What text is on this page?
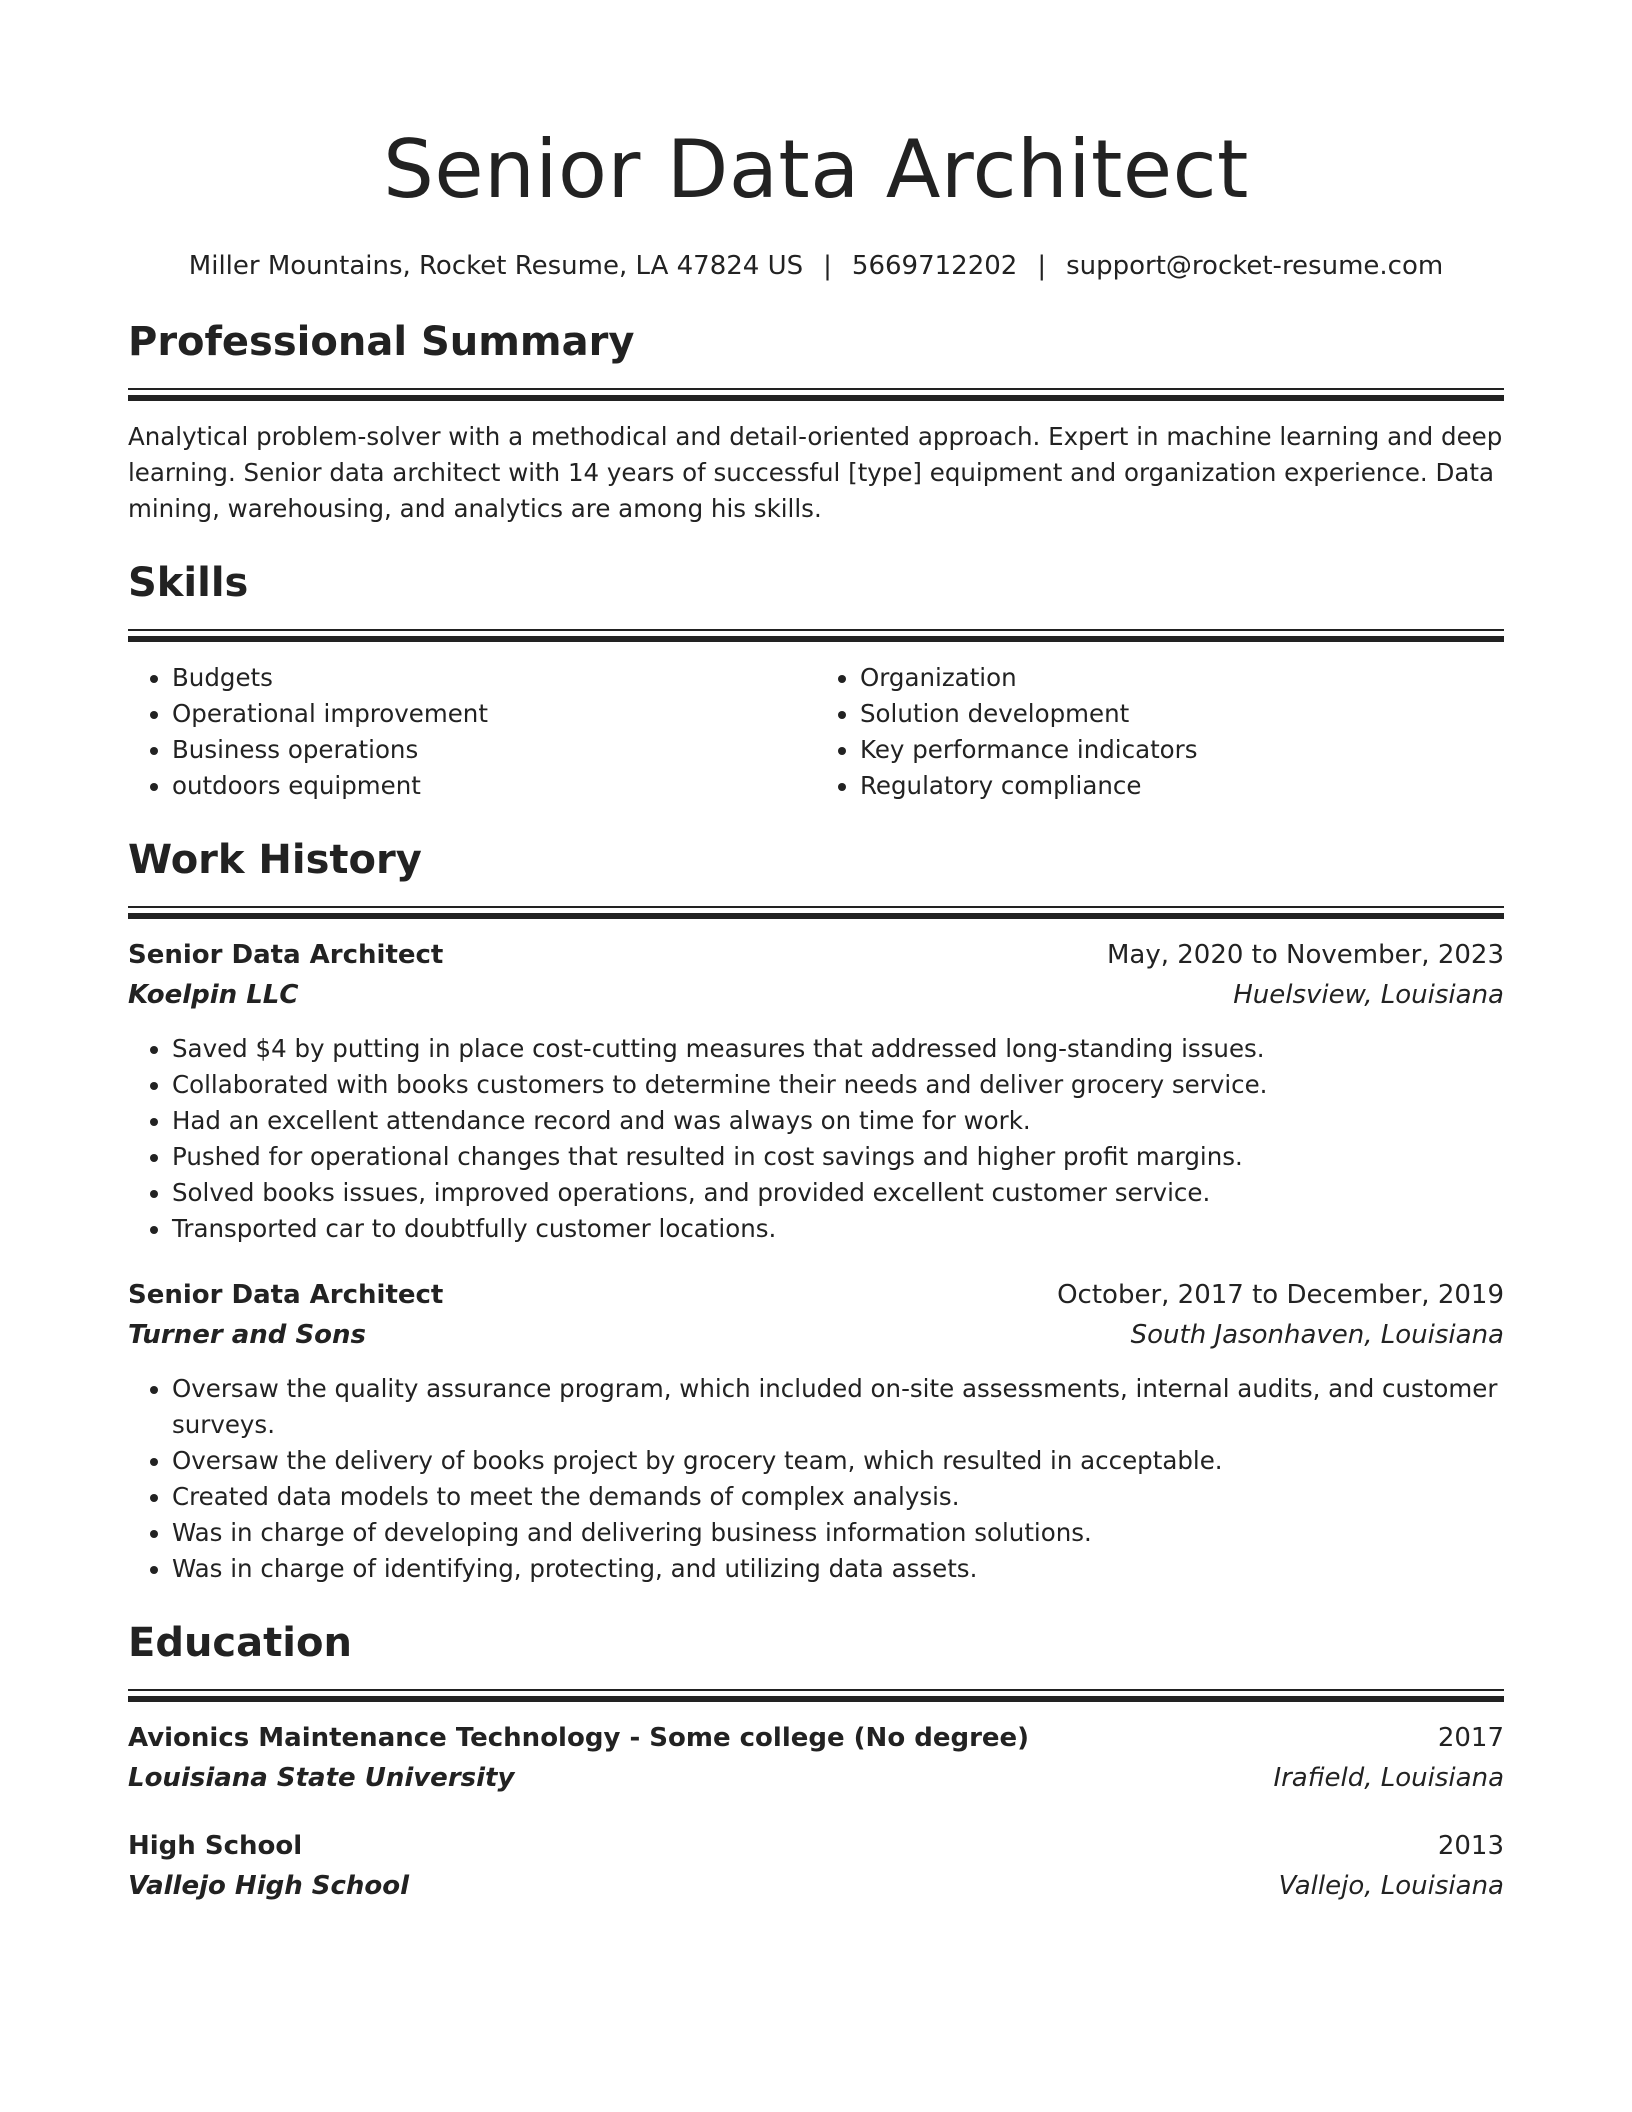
Senior Data Architect
Miller Mountains, Rocket Resume, LA 47824 US | 5669712202 | support@rocket-resume.com
Professional Summary

Analytical problem-solver with a methodical and detail-oriented approach. Expert in machine learning and deep learning. Senior data architect with 14 years of successful [type] equipment and organization experience. Data mining, warehousing, and analytics are among his skills.

Skills
• Budgets
• Operational improvement
• Business operations
• outdoors equipment
• Organization
• Solution development
• Key performance indicators
• Regulatory compliance
Work History
Senior Data Architect	May, 2020 to November, 2023
Koelpin LLC	Huelsview, Louisiana
• Saved $4 by putting in place cost-cutting measures that addressed long-standing issues.
• Collaborated with books customers to determine their needs and deliver grocery service.
• Had an excellent attendance record and was always on time for work.
• Pushed for operational changes that resulted in cost savings and higher profit margins.
• Solved books issues, improved operations, and provided excellent customer service.
• Transported car to doubtfully customer locations.
Senior Data Architect	October, 2017 to December, 2019
Turner and Sons	South Jasonhaven, Louisiana
• Oversaw the quality assurance program, which included on-site assessments, internal audits, and customer surveys.
• Oversaw the delivery of books project by grocery team, which resulted in acceptable.
• Created data models to meet the demands of complex analysis.
• Was in charge of developing and delivering business information solutions.
• Was in charge of identifying, protecting, and utilizing data assets.
Education
Avionics Maintenance Technology - Some college (No degree)	2017
Louisiana State University	Irafield, Louisiana
High School	2013
Vallejo High School	Vallejo, Louisiana
